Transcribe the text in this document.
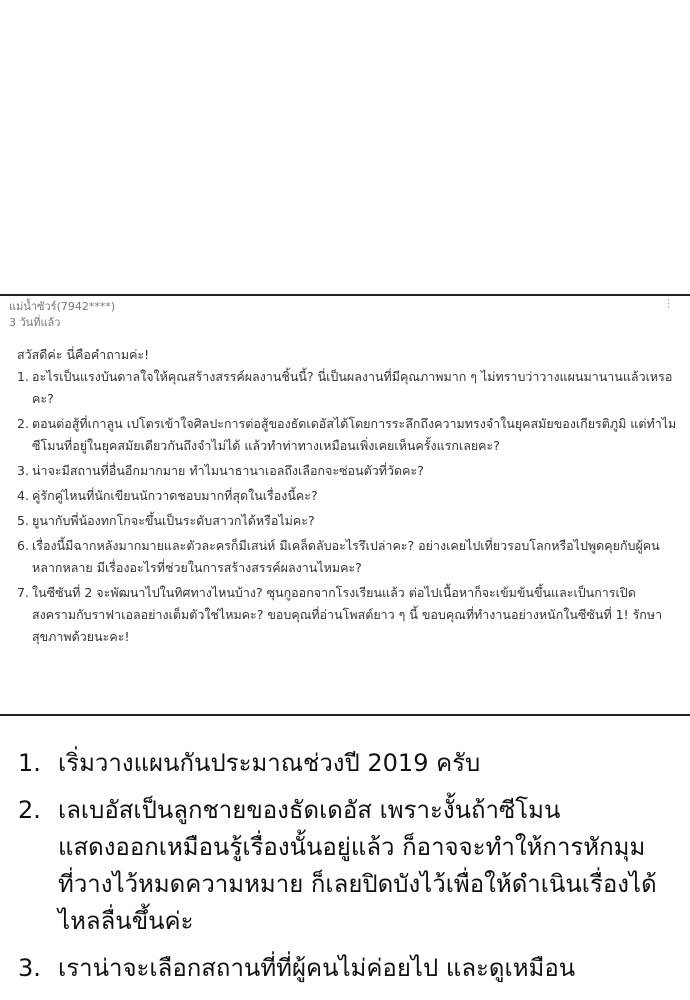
แม่น้ำซัวร์(7942****)
3 วันที่แล้ว
⋮

สวัสดีค่ะ นี่คือคำถามค่ะ!

1. อะไรเป็นแรงบันดาลใจให้คุณสร้างสรรค์ผลงานชิ้นนี้? นี่เป็นผลงานที่มีคุณภาพมาก ๆ ไม่ทราบว่าวางแผนมานานแล้วเหรอคะ?
2. ตอนต่อสู้ที่เกาลูน เปโตรเข้าใจศิลปะการต่อสู้ของธัดเดอัสได้โดยการระลึกถึงความทรงจำในยุคสมัยของเกียรติภูมิ แต่ทำไมซีโมนที่อยู่ในยุคสมัยเดียวกันถึงจำไม่ได้ แล้วทำท่าทางเหมือนเพิ่งเคยเห็นครั้งแรกเลยคะ?
3. น่าจะมีสถานที่อื่นอีกมากมาย ทำไมนาธานาเอลถึงเลือกจะซ่อนตัวที่วัดคะ?
4. คู่รักคู่ไหนที่นักเขียนนักวาดชอบมากที่สุดในเรื่องนี้คะ?
5. ยูนากับพี่น้องทกโกจะขึ้นเป็นระดับสาวกได้หรือไม่คะ?
6. เรื่องนี้มีฉากหลังมากมายและตัวละครก็มีเสน่ห์ มีเคล็ดลับอะไรรึเปล่าคะ? อย่างเคยไปเที่ยวรอบโลกหรือไปพูดคุยกับผู้คนหลากหลาย มีเรื่องอะไรที่ช่วยในการสร้างสรรค์ผลงานไหมคะ?
7. ในซีซันที่ 2 จะพัฒนาไปในทิศทางไหนบ้าง? ซุนกูออกจากโรงเรียนแล้ว ต่อไปเนื้อหาก็จะเข้มข้นขึ้นและเป็นการเปิดสงครามกับราฟาเอลอย่างเต็มตัวใช่ไหมคะ? ขอบคุณที่อ่านโพสต์ยาว ๆ นี้ ขอบคุณที่ทำงานอย่างหนักในซีซันที่ 1! รักษาสุขภาพด้วยนะคะ!
1. เริ่มวางแผนกันประมาณช่วงปี 2019 ครับ
2. เลเบอัสเป็นลูกชายของธัดเดอัส เพราะงั้นถ้าซีโมนแสดงออกเหมือนรู้เรื่องนั้นอยู่แล้ว ก็อาจจะทำให้การหักมุมที่วางไว้หมดความหมาย ก็เลยปิดบังไว้เพื่อให้ดำเนินเรื่องได้ไหลลื่นขึ้นค่ะ
3. เราน่าจะเลือกสถานที่ที่ผู้คนไม่ค่อยไป และดูเหมือน
